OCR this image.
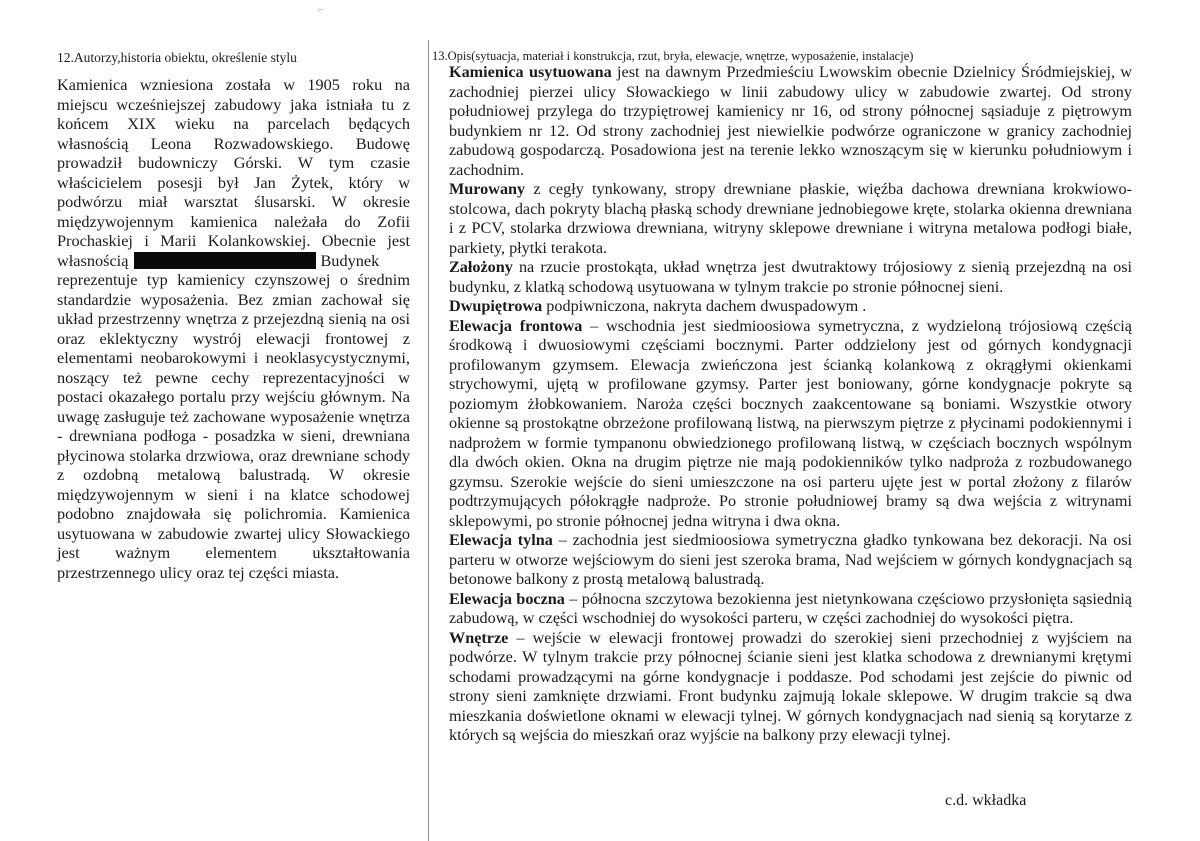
⌐
12.Autorzy,historia obiektu, określenie stylu

Kamienica wzniesiona została w 1905 roku na miejscu wcześniejszej zabudowy jaka istniała tu z końcem XIX wieku na parcelach będących własnością Leona Rozwadowskiego. Budowę prowadził budowniczy Górski. W tym czasie właścicielem posesji był Jan Żytek, który w podwórzu miał warsztat ślusarski. W okresie międzywojennym kamienica należała do Zofii Prochaskiej i Marii Kolankowskiej. Obecnie jest własnością	Budynek reprezentuje typ kamienicy czynszowej o średnim standardzie wyposażenia. Bez zmian zachował się układ przestrzenny wnętrza z przejezdną sienią na osi oraz eklektyczny wystrój elewacji frontowej z elementami neobarokowymi i neoklasycystycznymi, noszący też pewne cechy reprezentacyjności w postaci okazałego portalu przy wejściu głównym. Na uwagę zasługuje też zachowane wyposażenie wnętrza - drewniana podłoga - posadzka w sieni, drewniana płycinowa stolarka drzwiowa, oraz drewniane schody z ozdobną metalową balustradą. W okresie międzywojennym w sieni i na klatce schodowej podobno znajdowała się polichromia. Kamienica usytuowana w zabudowie zwartej ulicy Słowackiego jest ważnym elementem ukształtowania przestrzennego ulicy oraz tej części miasta.

13.Opis(sytuacja, materiał i konstrukcja, rzut, bryła, elewacje, wnętrze, wyposażenie, instalacje)

Kamienica usytuowana jest na dawnym Przedmieściu Lwowskim obecnie Dzielnicy Śródmiejskiej, w zachodniej pierzei ulicy Słowackiego w linii zabudowy ulicy w zabudowie zwartej. Od strony południowej przylega do trzypiętrowej kamienicy nr 16, od strony północnej sąsiaduje z piętrowym budynkiem nr 12. Od strony zachodniej jest niewielkie podwórze ograniczone w granicy zachodniej zabudową gospodarczą. Posadowiona jest na terenie lekko wznoszącym się w kierunku południowym i zachodnim.

Murowany z cegły tynkowany, stropy drewniane płaskie, więźba dachowa drewniana krokwiowo-stolcowa, dach pokryty blachą płaską schody drewniane jednobiegowe kręte, stolarka okienna drewniana i z PCV, stolarka drzwiowa drewniana, witryny sklepowe drewniane i witryna metalowa podłogi białe, parkiety, płytki terakota.

Założony na rzucie prostokąta, układ wnętrza jest dwutraktowy trójosiowy z sienią przejezdną na osi budynku, z klatką schodową usytuowana w tylnym trakcie po stronie północnej sieni.

Dwupiętrowa podpiwniczona, nakryta dachem dwuspadowym .

Elewacja frontowa – wschodnia jest siedmioosiowa symetryczna, z wydzieloną trójosiową częścią środkową i dwuosiowymi częściami bocznymi. Parter oddzielony jest od górnych kondygnacji profilowanym gzymsem. Elewacja zwieńczona jest ścianką kolankową z okrągłymi okienkami strychowymi, ujętą w profilowane gzymsy. Parter jest boniowany, górne kondygnacje pokryte są poziomym żłobkowaniem. Naroża części bocznych zaakcentowane są boniami. Wszystkie otwory okienne są prostokątne obrzeżone profilowaną listwą, na pierwszym piętrze z płycinami podokiennymi i nadprożem w formie tympanonu obwiedzionego profilowaną listwą, w częściach bocznych wspólnym dla dwóch okien. Okna na drugim piętrze nie mają podokienników tylko nadproża z rozbudowanego gzymsu. Szerokie wejście do sieni umieszczone na osi parteru ujęte jest w portal złożony z filarów podtrzymujących półokrągłe nadproże. Po stronie południowej bramy są dwa wejścia z witrynami sklepowymi, po stronie północnej jedna witryna i dwa okna.

Elewacja tylna – zachodnia jest siedmioosiowa symetryczna gładko tynkowana bez dekoracji. Na osi parteru w otworze wejściowym do sieni jest szeroka brama, Nad wejściem w górnych kondygnacjach są betonowe balkony z prostą metalową balustradą.

Elewacja boczna – północna szczytowa bezokienna jest nietynkowana częściowo przysłonięta sąsiednią zabudową, w części wschodniej do wysokości parteru, w części zachodniej do wysokości piętra.

Wnętrze – wejście w elewacji frontowej prowadzi do szerokiej sieni przechodniej z wyjściem na podwórze. W tylnym trakcie przy północnej ścianie sieni jest klatka schodowa z drewnianymi krętymi schodami prowadzącymi na górne kondygnacje i poddasze. Pod schodami jest zejście do piwnic od strony sieni zamknięte drzwiami. Front budynku zajmują lokale sklepowe. W drugim trakcie są dwa mieszkania doświetlone oknami w elewacji tylnej. W górnych kondygnacjach nad sienią są korytarze z których są wejścia do mieszkań oraz wyjście na balkony przy elewacji tylnej.

c.d. wkładka
